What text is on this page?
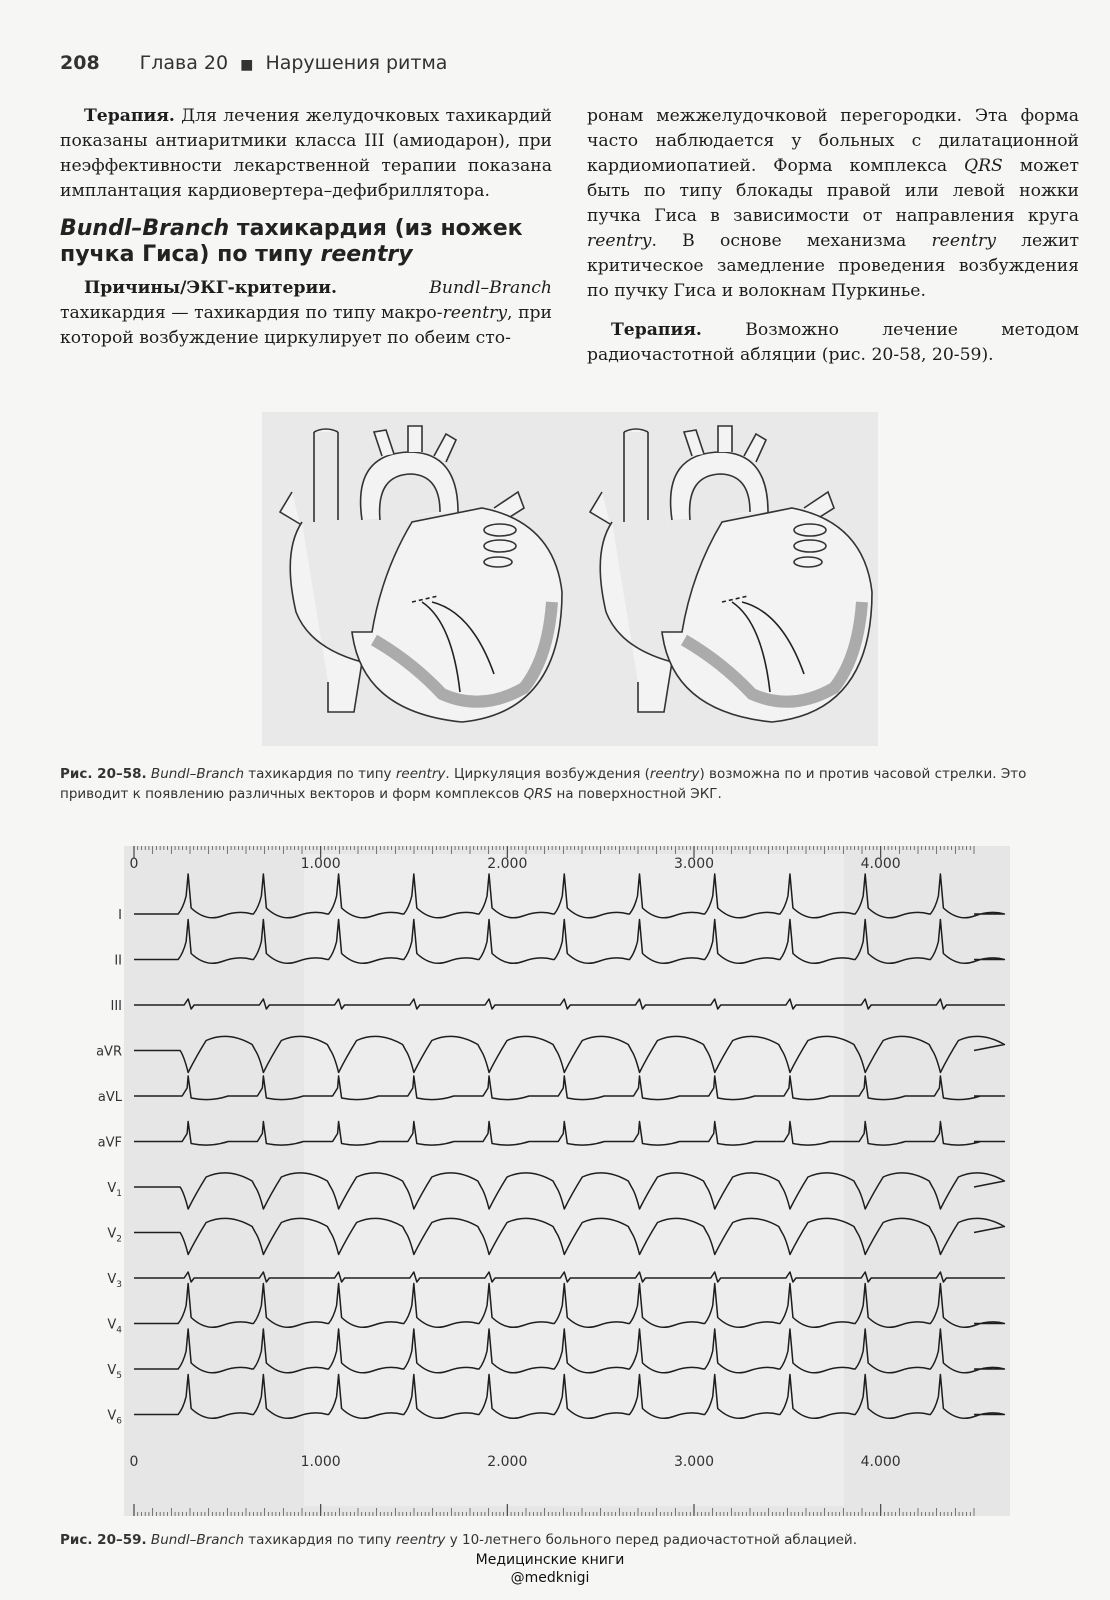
208 Глава 20 ■ Нарушения ритма

Терапия. Для лечения желудочковых тахикардий показаны антиаритмики класса III (амиодарон), при неэффективности лекарственной терапии показана имплантация кардиовертера–дефибриллятора.

Bundl–Branch тахикардия (из ножек пучка Гиса) по типу reentry

Причины/ЭКГ-критерии. Bundl–Branch тахикардия — тахикардия по типу макро-reentry, при которой возбуждение циркулирует по обеим сто-

ронам межжелудочковой перегородки. Эта форма часто наблюдается у больных с дилатационной кардиомиопатией. Форма комплекса QRS может быть по типу блокады правой или левой ножки пучка Гиса в зависимости от направления круга reentry. В основе механизма reentry лежит критическое замедление проведения возбуждения по пучку Гиса и волокнам Пуркинье.

Терапия. Возможно лечение методом радиочастотной абляции (рис. 20-58, 20-59).

Рис. 20–58. Bundl–Branch тахикардия по типу reentry. Циркуляция возбуждения (reentry) возможна по и против часовой стрелки. Это приводит к появлению различных векторов и форм комплексов QRS на поверхностной ЭКГ.
0
0
1.000
1.000
2.000
2.000
3.000
3.000
4.000
4.000
I
II
III
aVR
aVL
aVF
$V_1$
$V_2$
$V_3$
$V_4$
$V_5$
$V_6$
Рис. 20–59. Bundl–Branch тахикардия по типу reentry у 10-летнего больного перед радиочастотной аблацией.
Медицинские книги
@medknigi
